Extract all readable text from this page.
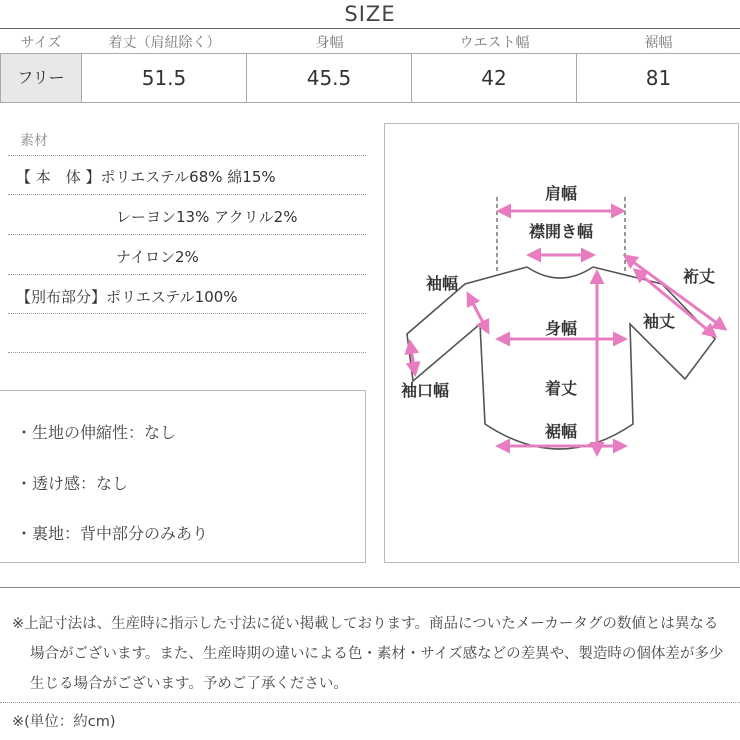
SIZE
サイズ	着丈（肩紐除く）	身幅	ウエスト幅	裾幅
フリー	51.5	45.5	42	81
素材
【 本　体 】ポリエステル68% 綿15%
レーヨン13% アクリル2%
ナイロン2%
【別布部分】ポリエステル100%
・生地の伸縮性：なし
・透け感：なし
・裏地：背中部分のみあり
肩幅
襟開き幅
袖幅	裄丈
袖丈
身幅
袖口幅	着丈
裾幅
※上記寸法は、生産時に指示した寸法に従い掲載しております。商品についたメーカータグの数値とは異なる場合がございます。また、生産時期の違いによる色・素材・サイズ感などの差異や、製造時の個体差が多少生じる場合がございます。予めご了承ください。
※(単位：約cm)
